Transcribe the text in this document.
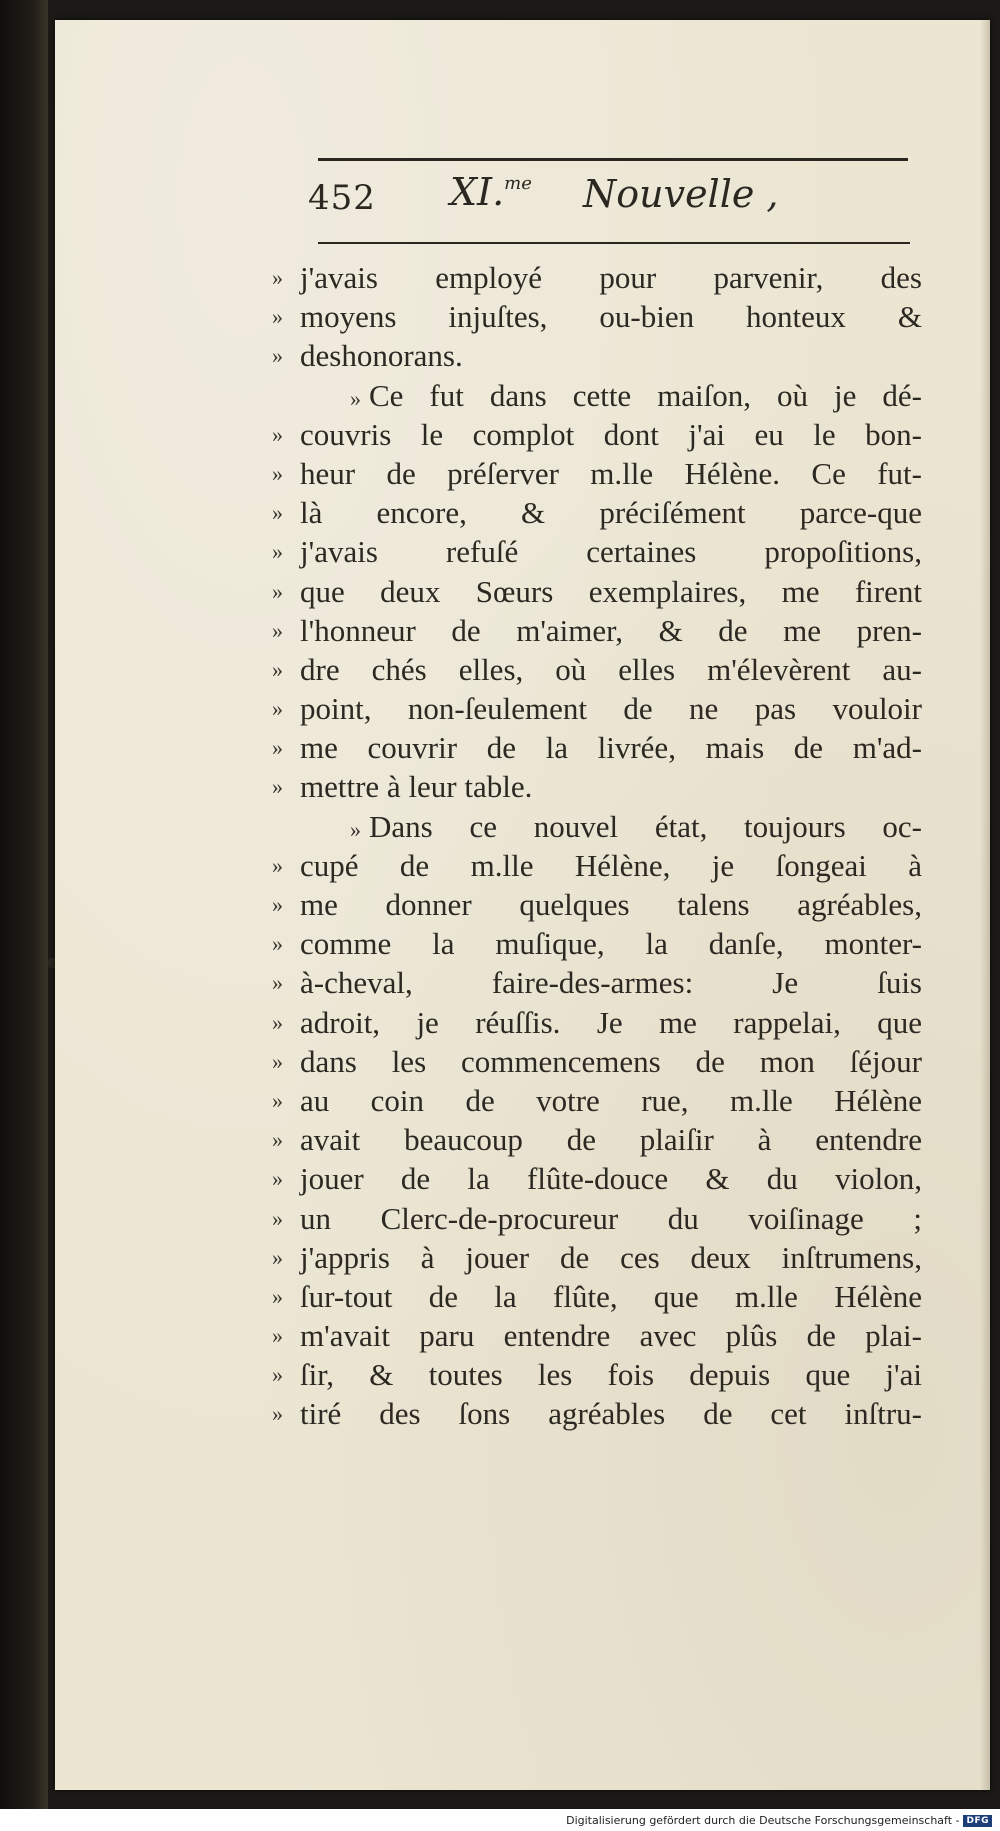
452 XI.$^{me}$ Nouvelle ,
» j'avais employé pour parvenir, des
» moyens injuſtes, ou-bien honteux &
» deshonorans.
» Ce fut dans cette maiſon, où je dé-
» couvris le complot dont j'ai eu le bon-
» heur de préſerver m.lle Hélène. Ce fut-
» là encore, & préciſément parce-que
» j'avais refuſé certaines propoſitions,
» que deux Sœurs exemplaires, me firent
» l'honneur de m'aimer, & de me pren-
» dre chés elles, où elles m'élevèrent au-
» point, non-ſeulement de ne pas vouloir
» me couvrir de la livrée, mais de m'ad-
» mettre à leur table.
» Dans ce nouvel état, toujours oc-
» cupé de m.lle Hélène, je ſongeai à
» me donner quelques talens agréables,
» comme la muſique, la danſe, monter-
» à-cheval, faire-des-armes: Je ſuis
» adroit, je réuſſis. Je me rappelai, que
» dans les commencemens de mon ſéjour
» au coin de votre rue, m.lle Hélène
» avait beaucoup de plaiſir à entendre
» jouer de la flûte-douce & du violon,
» un Clerc-de-procureur du voiſinage ;
» j'appris à jouer de ces deux inſtrumens,
» ſur-tout de la flûte, que m.lle Hélène
» m'avait paru entendre avec plûs de plai-
» ſir, & toutes les fois depuis que j'ai
» tiré des ſons agréables de cet inſtru-
Digitalisierung gefördert durch die Deutsche Forschungsgemeinschaft - DFG
